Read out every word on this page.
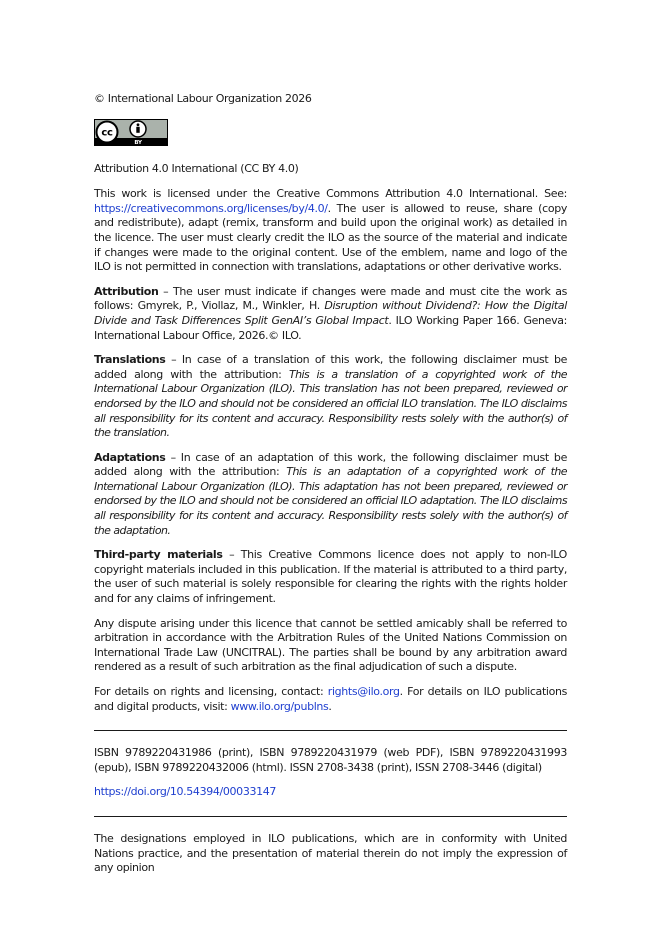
© International Labour Organization 2026

cc
BY

Attribution 4.0 International (CC BY 4.0)

This work is licensed under the Creative Commons Attribution 4.0 International. See: https://creativecommons.org/licenses/by/4.0/. The user is allowed to reuse, share (copy and redistribute), adapt (remix, transform and build upon the original work) as detailed in the licence. The user must clearly credit the ILO as the source of the material and indicate if changes were made to the original content. Use of the emblem, name and logo of the ILO is not permitted in connection with translations, adaptations or other derivative works.

Attribution – The user must indicate if changes were made and must cite the work as follows: Gmyrek, P., Viollaz, M., Winkler, H. Disruption without Dividend?: How the Digital Divide and Task Differences Split GenAI’s Global Impact. ILO Working Paper 166. Geneva: International Labour Office, 2026.© ILO.

Translations – In case of a translation of this work, the following disclaimer must be added along with the attribution: This is a translation of a copyrighted work of the International Labour Organization (ILO). This translation has not been prepared, reviewed or endorsed by the ILO and should not be considered an official ILO translation. The ILO disclaims all responsibility for its content and accuracy. Responsibility rests solely with the author(s) of the translation.

Adaptations – In case of an adaptation of this work, the following disclaimer must be added along with the attribution: This is an adaptation of a copyrighted work of the International Labour Organization (ILO). This adaptation has not been prepared, reviewed or endorsed by the ILO and should not be considered an official ILO adaptation. The ILO disclaims all responsibility for its content and accuracy. Responsibility rests solely with the author(s) of the adaptation.

Third-party materials – This Creative Commons licence does not apply to non-ILO copyright materials included in this publication. If the material is attributed to a third party, the user of such material is solely responsible for clearing the rights with the rights holder and for any claims of infringement.

Any dispute arising under this licence that cannot be settled amicably shall be referred to arbitration in accordance with the Arbitration Rules of the United Nations Commission on International Trade Law (UNCITRAL). The parties shall be bound by any arbitration award rendered as a result of such arbitration as the final adjudication of such a dispute.

For details on rights and licensing, contact: rights@ilo.org. For details on ILO publications and digital products, visit: www.ilo.org/publns.

ISBN 9789220431986 (print), ISBN 9789220431979 (web PDF), ISBN 9789220431993 (epub), ISBN 9789220432006 (html). ISSN 2708-3438 (print), ISSN 2708-3446 (digital)

https://doi.org/10.54394/00033147

The designations employed in ILO publications, which are in conformity with United Nations practice, and the presentation of material therein do not imply the expression of any opinion
